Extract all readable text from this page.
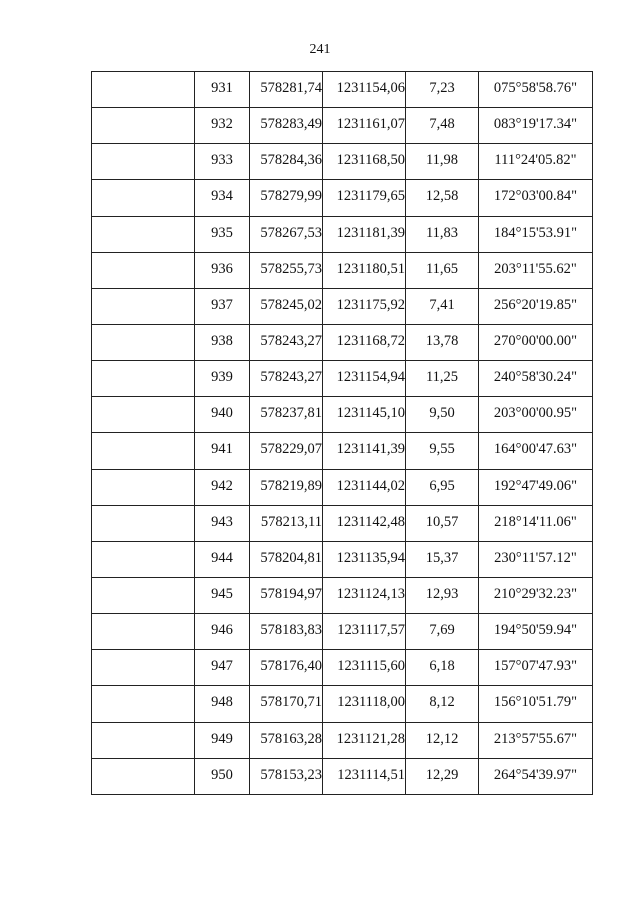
241
	931	578281,74	1231154,06	7,23	075°58'58.76"
	932	578283,49	1231161,07	7,48	083°19'17.34"
	933	578284,36	1231168,50	11,98	111°24'05.82"
	934	578279,99	1231179,65	12,58	172°03'00.84"
	935	578267,53	1231181,39	11,83	184°15'53.91"
	936	578255,73	1231180,51	11,65	203°11'55.62"
	937	578245,02	1231175,92	7,41	256°20'19.85"
	938	578243,27	1231168,72	13,78	270°00'00.00"
	939	578243,27	1231154,94	11,25	240°58'30.24"
	940	578237,81	1231145,10	9,50	203°00'00.95"
	941	578229,07	1231141,39	9,55	164°00'47.63"
	942	578219,89	1231144,02	6,95	192°47'49.06"
	943	578213,11	1231142,48	10,57	218°14'11.06"
	944	578204,81	1231135,94	15,37	230°11'57.12"
	945	578194,97	1231124,13	12,93	210°29'32.23"
	946	578183,83	1231117,57	7,69	194°50'59.94"
	947	578176,40	1231115,60	6,18	157°07'47.93"
	948	578170,71	1231118,00	8,12	156°10'51.79"
	949	578163,28	1231121,28	12,12	213°57'55.67"
	950	578153,23	1231114,51	12,29	264°54'39.97"
